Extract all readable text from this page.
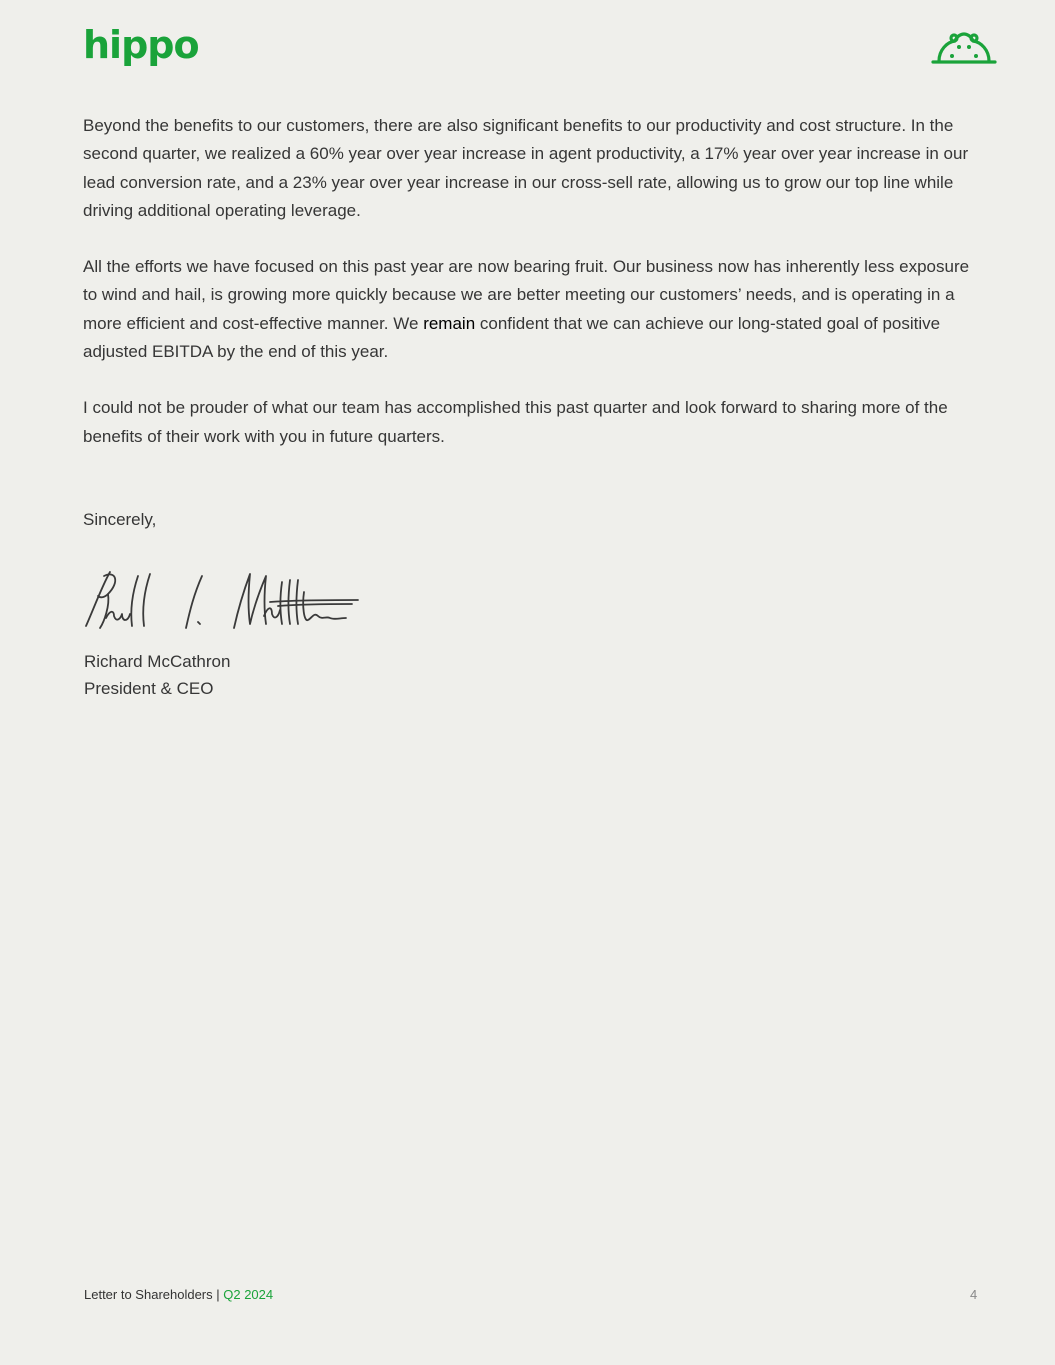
hippo

Beyond the benefits to our customers, there are also significant benefits to our productivity and cost structure. In the second quarter, we realized a 60% year over year increase in agent productivity, a 17% year over year increase in our lead conversion rate, and a 23% year over year increase in our cross-sell rate, allowing us to grow our top line while driving additional operating leverage.

All the efforts we have focused on this past year are now bearing fruit. Our business now has inherently less exposure to wind and hail, is growing more quickly because we are better meeting our customers’ needs, and is operating in a more efficient and cost-effective manner. We remain confident that we can achieve our long-stated goal of positive adjusted EBITDA by the end of this year.

I could not be prouder of what our team has accomplished this past quarter and look forward to sharing more of the benefits of their work with you in future quarters.

Sincerely,
Richard McCathron
President & CEO
Letter to Shareholders | Q2 2024	4
